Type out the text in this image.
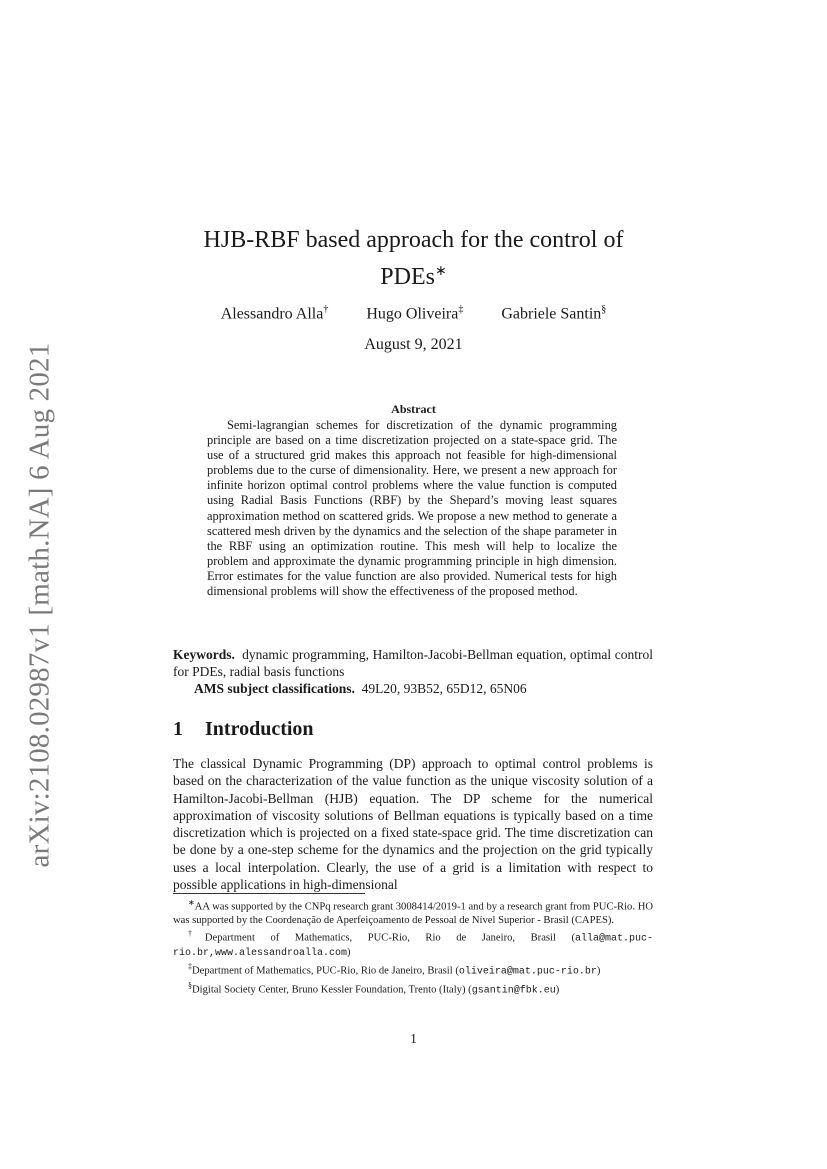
arXiv:2108.02987v1 [math.NA] 6 Aug 2021
HJB-RBF based approach for the control of
PDEs∗
Alessandro Alla† Hugo Oliveira‡ Gabriele Santin§
August 9, 2021
Abstract
Semi-lagrangian schemes for discretization of the dynamic programming principle are based on a time discretization projected on a state-space grid. The use of a structured grid makes this approach not feasible for high-dimensional problems due to the curse of dimensionality. Here, we present a new approach for infinite horizon optimal control problems where the value function is computed using Radial Basis Functions (RBF) by the Shepard’s moving least squares approximation method on scattered grids. We propose a new method to generate a scattered mesh driven by the dynamics and the selection of the shape parameter in the RBF using an optimization routine. This mesh will help to localize the problem and approximate the dynamic programming principle in high dimension. Error estimates for the value function are also provided. Numerical tests for high dimensional problems will show the effectiveness of the proposed method.
Keywords. dynamic programming, Hamilton-Jacobi-Bellman equation, optimal control for PDEs, radial basis functions
AMS subject classifications. 49L20, 93B52, 65D12, 65N06
1 Introduction
The classical Dynamic Programming (DP) approach to optimal control problems is based on the characterization of the value function as the unique viscosity solution of a Hamilton-Jacobi-Bellman (HJB) equation. The DP scheme for the numerical approximation of viscosity solutions of Bellman equations is typically based on a time discretization which is projected on a fixed state-space grid. The time discretization can be done by a one-step scheme for the dynamics and the projection on the grid typically uses a local interpolation. Clearly, the use of a grid is a limitation with respect to possible applications in high-dimensional
∗AA was supported by the CNPq research grant 3008414/2019-1 and by a research grant from PUC-Rio. HO was supported by the Coordenação de Aperfeiçoamento de Pessoal de Nível Superior - Brasil (CAPES).
†Department of Mathematics, PUC-Rio, Rio de Janeiro, Brasil (alla@mat.puc-rio.br,www.alessandroalla.com)
‡Department of Mathematics, PUC-Rio, Rio de Janeiro, Brasil (oliveira@mat.puc-rio.br)
§Digital Society Center, Bruno Kessler Foundation, Trento (Italy) (gsantin@fbk.eu)
1
